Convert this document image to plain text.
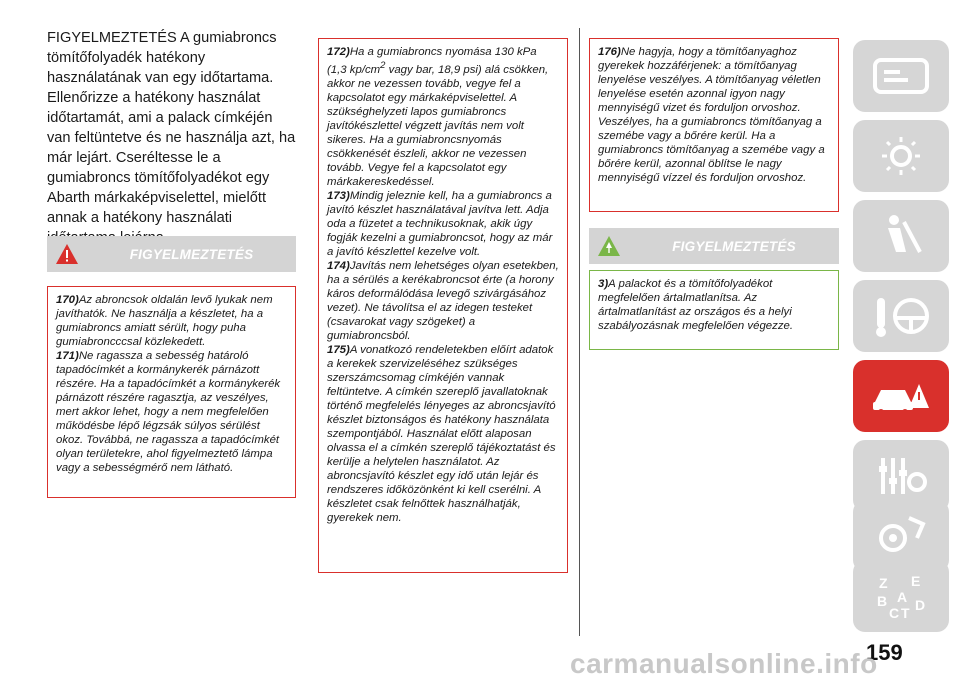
FIGYELMEZTETÉS A gumiabroncs tömítőfolyadék hatékony használatának van egy időtartama. Ellenőrizze a hatékony használat időtartamát, ami a palack címkéjén van feltüntetve és ne használja azt, ha már lejárt. Cseréltesse le a gumiabroncs tömítőfolyadékot egy Abarth márkaképviselettel, mielőtt annak a hatékony használati
FIGYELMEZTETÉS

170)Az abroncsok oldalán levő lyukak nem javíthatók. Ne használja a készletet, ha a gumiabroncs amiatt sérült, hogy puha gumiabroncccsal közlekedett.

171)Ne ragassza a sebesség határoló tapadócímkét a kormánykerék párnázott részére. Ha a tapadócímkét a kormánykerék párnázott részére ragasztja, az veszélyes, mert akkor lehet, hogy a nem megfelelően működésbe lépő légzsák súlyos sérülést okoz. Továbbá, ne ragassza a tapadócímkét olyan területekre, ahol figyelmeztető lámpa vagy a sebességmérő nem látható.

172)Ha a gumiabroncs nyomása 130 kPa (1,3 $kp/cm^2$ vagy bar, 18,9 psi) alá csökken, akkor ne vezessen tovább, vegye fel a kapcsolatot egy márkaképviselettel. A szükséghelyzeti lapos gumiabroncs javítókészlettel végzett javítás nem volt sikeres. Ha a gumiabroncsnyomás csökkenését észleli, akkor ne vezessen tovább. Vegye fel a kapcsolatot egy márkakereskedéssel.

173)Mindig jeleznie kell, ha a gumiabroncs a javító készlet használatával javítva lett. Adja oda a füzetet a technikusoknak, akik úgy fogják kezelni a gumiabroncsot, hogy az már a javító készlettel kezelve volt.

174)Javítás nem lehetséges olyan esetekben, ha a sérülés a kerékabroncsot érte (a horony káros deformálódása levegő szivárgásához vezet). Ne távolítsa el az idegen testeket (csavarokat vagy szögeket) a gumiabroncsból.

175)A vonatkozó rendeletekben előírt adatok a kerekek szervizeléséhez szükséges szerszámcsomag címkéjén vannak feltüntetve. A címkén szereplő javallatoknak történő megfelelés lényeges az abroncsjavító készlet biztonságos és hatékony használata szempontjából. Használat előtt alaposan olvassa el a címkén szereplő tájékoztatást és kerülje a helytelen használatot. Az abroncsjavító készlet egy idő után lejár és rendszeres időközönként ki kell cserélni. A készletet csak felnőttek használhatják, gyerekek nem.

176)Ne hagyja, hogy a tömítőanyaghoz gyerekek hozzáférjenek: a tömítőanyag lenyelése veszélyes. A tömítőanyag véletlen lenyelése esetén azonnal igyon nagy mennyiségű vizet és forduljon orvoshoz. Veszélyes, ha a gumiabroncs tömítőanyag a szemébe vagy a bőrére kerül. Ha a gumiabroncs tömítőanyag a szemébe vagy a bőrére kerül, azonnal öblítse le nagy mennyiségű vízzel és forduljon orvoshoz.

FIGYELMEZTETÉS

3)A palackot és a tömítőfolyadékot megfelelően ártalmatlanítsa. Az ártalmatlanítást az országos és a helyi szabályozásnak megfelelően végezze.

Z E
B A
C T D
159
carmanualsonline.info
